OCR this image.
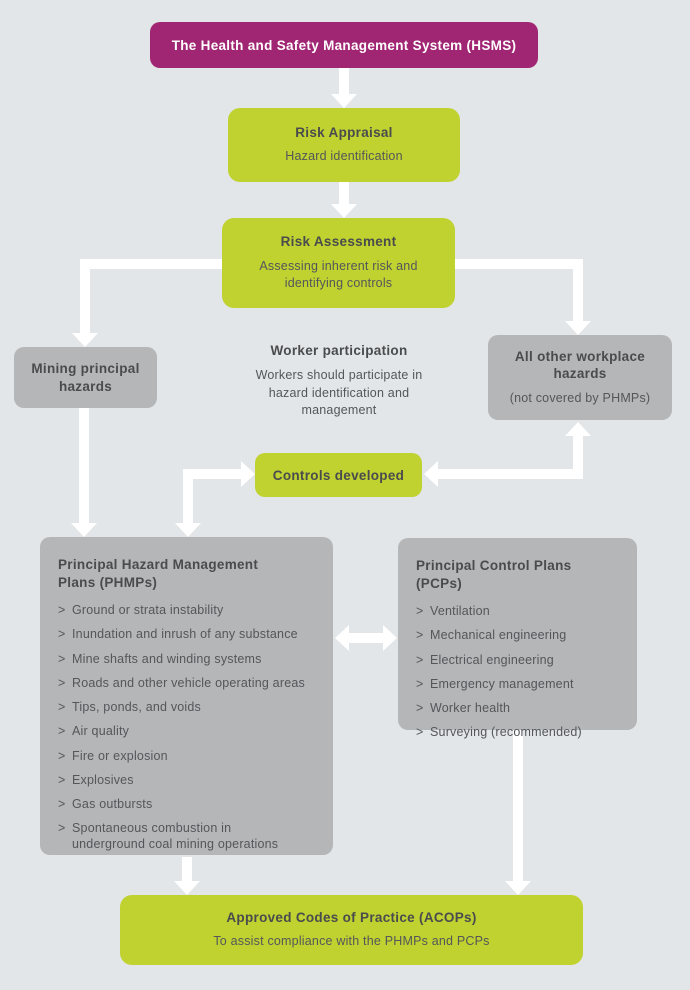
The Health and Safety Management System (HSMS)
Risk Appraisal
Hazard identification
Risk Assessment
Assessing inherent risk and identifying controls
Mining principal hazards
Worker participation
Workers should participate in hazard identification and management
All other workplace hazards
(not covered by PHMPs)
Controls developed
Principal Hazard Management Plans (PHMPs)
> Ground or strata instability
> Inundation and inrush of any substance
> Mine shafts and winding systems
> Roads and other vehicle operating areas
> Tips, ponds, and voids
> Air quality
> Fire or explosion
> Explosives
> Gas outbursts
> Spontaneous combustion in underground coal mining operations
Principal Control Plans (PCPs)
> Ventilation
> Mechanical engineering
> Electrical engineering
> Emergency management
> Worker health
> Surveying (recommended)
Approved Codes of Practice (ACOPs)
To assist compliance with the PHMPs and PCPs
